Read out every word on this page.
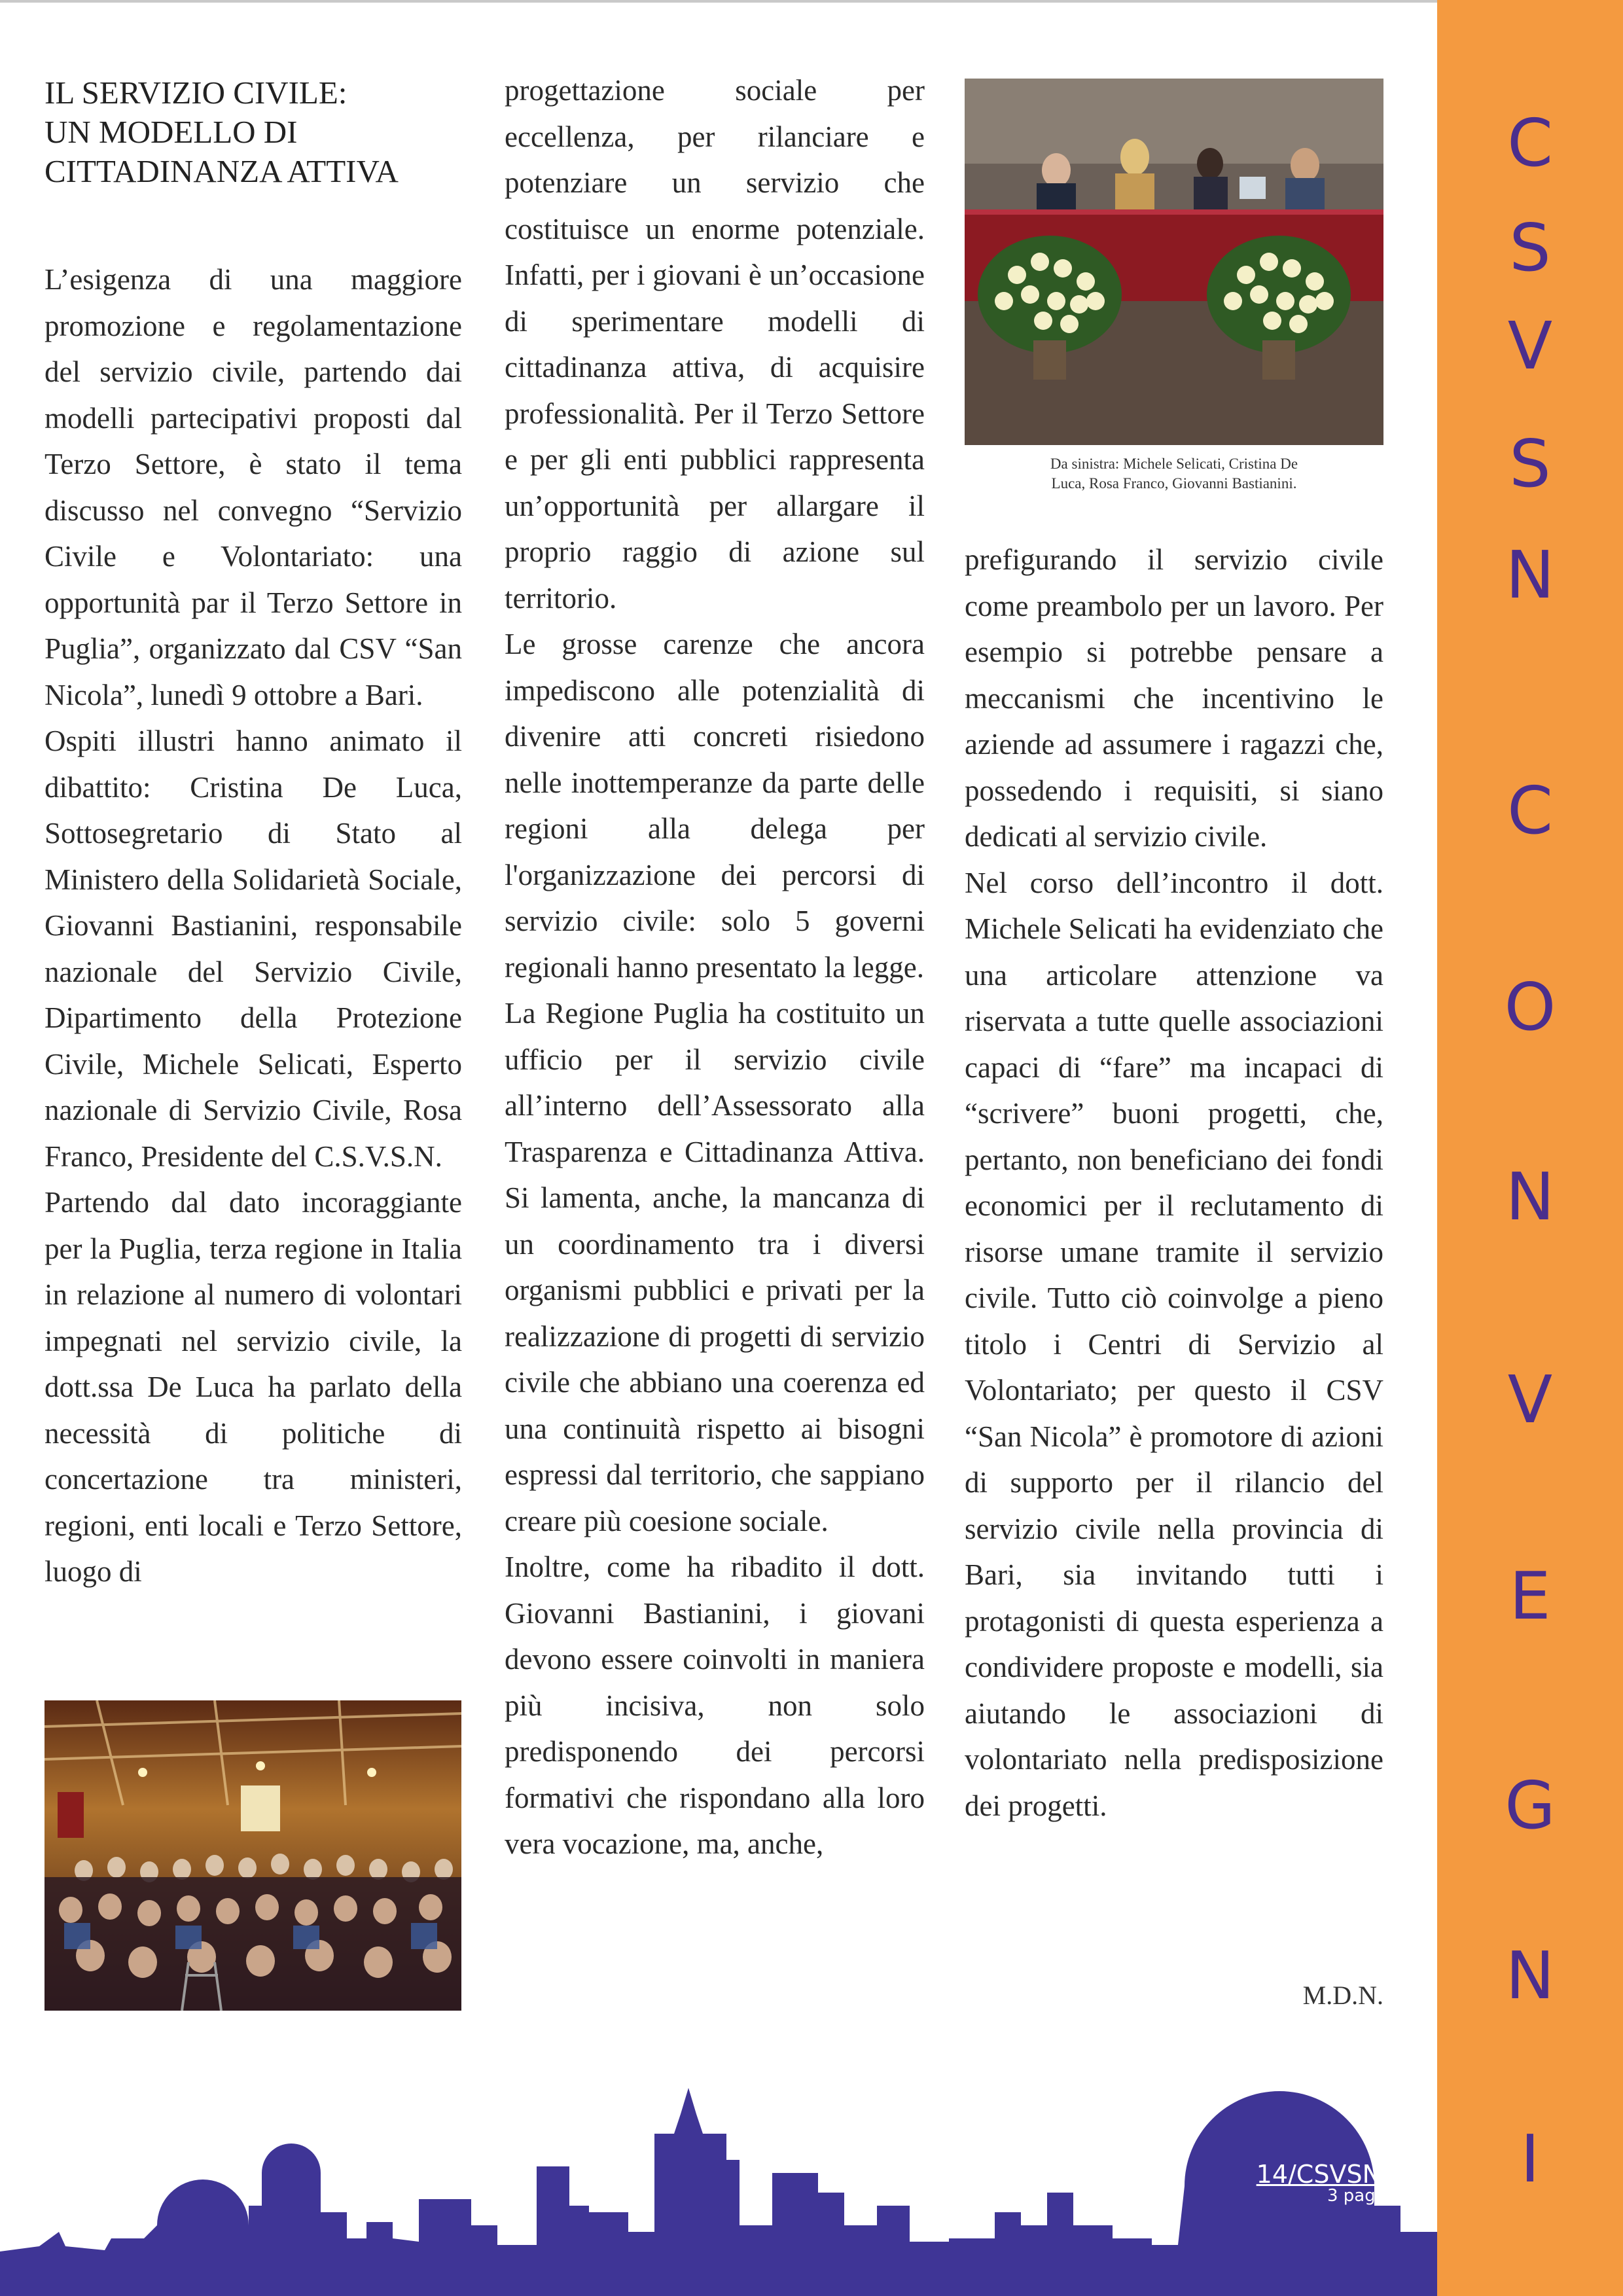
IL SERVIZIO CIVILE:
UN MODELLO DI
CITTADINANZA ATTIVA

L’esigenza di una maggiore promozione e regolamentazione del servizio civile, partendo dai modelli partecipativi proposti dal Terzo Settore, è stato il tema discusso nel convegno “Servizio Civile e Volontariato: una opportunità par il Terzo Settore in Puglia”, organizzato dal CSV “San Nicola”, lunedì 9 ottobre a Bari.

Ospiti illustri hanno animato il dibattito: Cristina De Luca, Sottosegretario di Stato al Ministero della Solidarietà Sociale, Giovanni Bastianini, responsabile nazionale del Servizio Civile, Dipartimento della Protezione Civile, Michele Selicati, Esperto nazionale di Servizio Civile, Rosa Franco, Presidente del C.S.V.S.N.

Partendo dal dato incoraggiante per la Puglia, terza regione in Italia in relazione al numero di volontari impegnati nel servizio civile, la dott.ssa De Luca ha parlato della necessità di politiche di concertazione tra ministeri, regioni, enti locali e Terzo Settore, luogo di

progettazione sociale per eccellenza, per rilanciare e potenziare un servizio che costituisce un enorme potenziale. Infatti, per i giovani è un’occasione di sperimentare modelli di cittadinanza attiva, di acquisire professionalità. Per il Terzo Settore e per gli enti pubblici rappresenta un’opportunità per allargare il proprio raggio di azione sul territorio.

Le grosse carenze che ancora impediscono alle potenzialità di divenire atti concreti risiedono nelle inottemperanze da parte delle regioni alla delega per l'organizzazione dei percorsi di servizio civile: solo 5 governi regionali hanno presentato la legge.

La Regione Puglia ha costituito un ufficio per il servizio civile all’interno dell’Assessorato alla Trasparenza e Cittadinanza Attiva. Si lamenta, anche, la mancanza di un coordinamento tra i diversi organismi pubblici e privati per la realizzazione di progetti di servizio civile che abbiano una coerenza ed una continuità rispetto ai bisogni espressi dal territorio, che sappiano creare più coesione sociale.

Inoltre, come ha ribadito il dott. Giovanni Bastianini, i giovani devono essere coinvolti in maniera più incisiva, non solo predisponendo dei percorsi formativi che rispondano alla loro vera vocazione, ma, anche,

Da sinistra: Michele Selicati, Cristina De
Luca, Rosa Franco, Giovanni Bastianini.

prefigurando il servizio civile come preambolo per un lavoro. Per esempio si potrebbe pensare a meccanismi che incentivino le aziende ad assumere i ragazzi che, possedendo i requisiti, si siano dedicati al servizio civile.

Nel corso dell’incontro il dott. Michele Selicati ha evidenziato che una articolare attenzione va riservata a tutte quelle associazioni capaci di “fare” ma incapaci di “scrivere” buoni progetti, che, pertanto, non beneficiano dei fondi economici per il reclutamento di risorse umane tramite il servizio civile. Tutto ciò coinvolge a pieno titolo i Centri di Servizio al Volontariato; per questo il CSV “San Nicola” è promotore di azioni di supporto per il rilancio del servizio civile nella provincia di Bari, sia invitando tutti i protagonisti di questa esperienza a condividere proposte e modelli, sia aiutando le associazioni di volontariato nella predisposizione dei progetti.

M.D.N.
14/CSVSN
3 pag.
C
S
V
S
N
C
O
N
V
E
G
N
I
